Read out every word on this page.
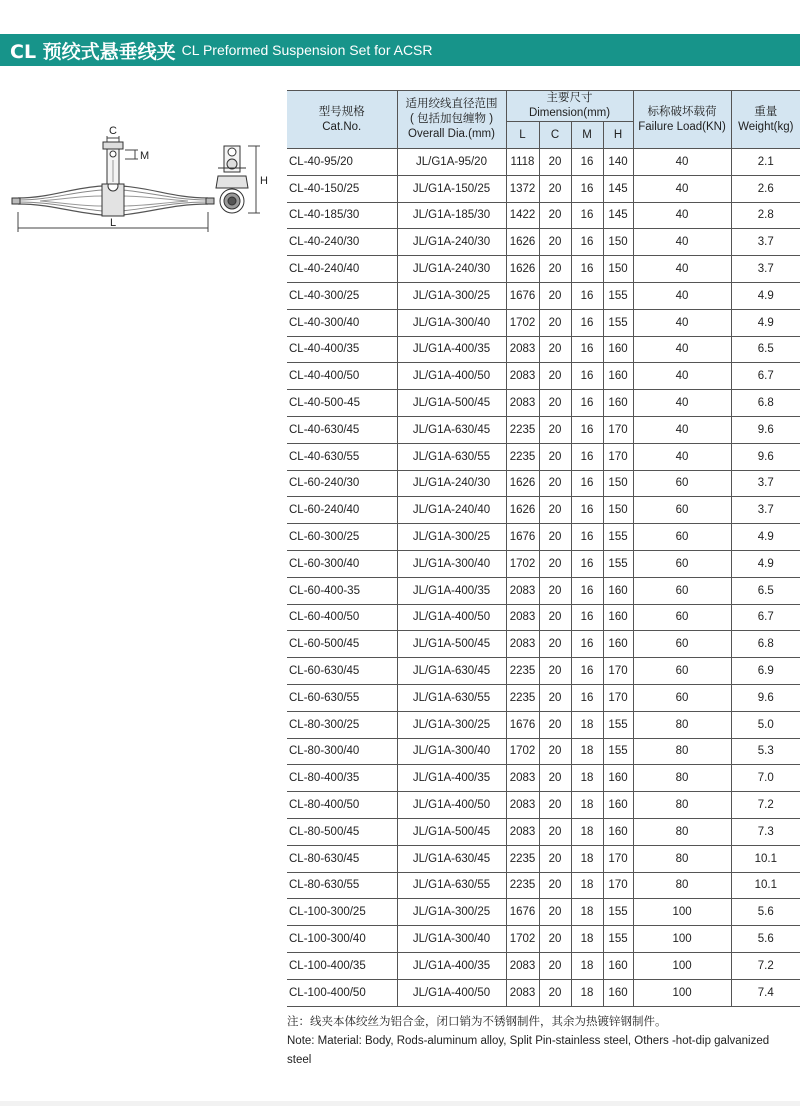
CL 预绞式悬垂线夹 CL Preformed Suspension Set for ACSR
C
M
L
H
型号规格
Cat.No.	适用绞线直径范围
( 包括加包缠物 )
Overall Dia.(mm)	主要尺寸
Dimension(mm)				标称破坏载荷
Failure Load(KN)	重量
Weight(kg)
		L	C	M	H		
CL-40-95/20	JL/G1A-95/20	1118	20	16	140	40	2.1
CL-40-150/25	JL/G1A-150/25	1372	20	16	145	40	2.6
CL-40-185/30	JL/G1A-185/30	1422	20	16	145	40	2.8
CL-40-240/30	JL/G1A-240/30	1626	20	16	150	40	3.7
CL-40-240/40	JL/G1A-240/30	1626	20	16	150	40	3.7
CL-40-300/25	JL/G1A-300/25	1676	20	16	155	40	4.9
CL-40-300/40	JL/G1A-300/40	1702	20	16	155	40	4.9
CL-40-400/35	JL/G1A-400/35	2083	20	16	160	40	6.5
CL-40-400/50	JL/G1A-400/50	2083	20	16	160	40	6.7
CL-40-500-45	JL/G1A-500/45	2083	20	16	160	40	6.8
CL-40-630/45	JL/G1A-630/45	2235	20	16	170	40	9.6
CL-40-630/55	JL/G1A-630/55	2235	20	16	170	40	9.6
CL-60-240/30	JL/G1A-240/30	1626	20	16	150	60	3.7
CL-60-240/40	JL/G1A-240/40	1626	20	16	150	60	3.7
CL-60-300/25	JL/G1A-300/25	1676	20	16	155	60	4.9
CL-60-300/40	JL/G1A-300/40	1702	20	16	155	60	4.9
CL-60-400-35	JL/G1A-400/35	2083	20	16	160	60	6.5
CL-60-400/50	JL/G1A-400/50	2083	20	16	160	60	6.7
CL-60-500/45	JL/G1A-500/45	2083	20	16	160	60	6.8
CL-60-630/45	JL/G1A-630/45	2235	20	16	170	60	6.9
CL-60-630/55	JL/G1A-630/55	2235	20	16	170	60	9.6
CL-80-300/25	JL/G1A-300/25	1676	20	18	155	80	5.0
CL-80-300/40	JL/G1A-300/40	1702	20	18	155	80	5.3
CL-80-400/35	JL/G1A-400/35	2083	20	18	160	80	7.0
CL-80-400/50	JL/G1A-400/50	2083	20	18	160	80	7.2
CL-80-500/45	JL/G1A-500/45	2083	20	18	160	80	7.3
CL-80-630/45	JL/G1A-630/45	2235	20	18	170	80	10.1
CL-80-630/55	JL/G1A-630/55	2235	20	18	170	80	10.1
CL-100-300/25	JL/G1A-300/25	1676	20	18	155	100	5.6
CL-100-300/40	JL/G1A-300/40	1702	20	18	155	100	5.6
CL-100-400/35	JL/G1A-400/35	2083	20	18	160	100	7.2
CL-100-400/50	JL/G1A-400/50	2083	20	18	160	100	7.4
注：线夹本体绞丝为铝合金，闭口销为不锈钢制件，其余为热镀锌钢制件。
Note: Material: Body, Rods-aluminum alloy, Split Pin-stainless steel, Others -hot-dip galvanized steel
